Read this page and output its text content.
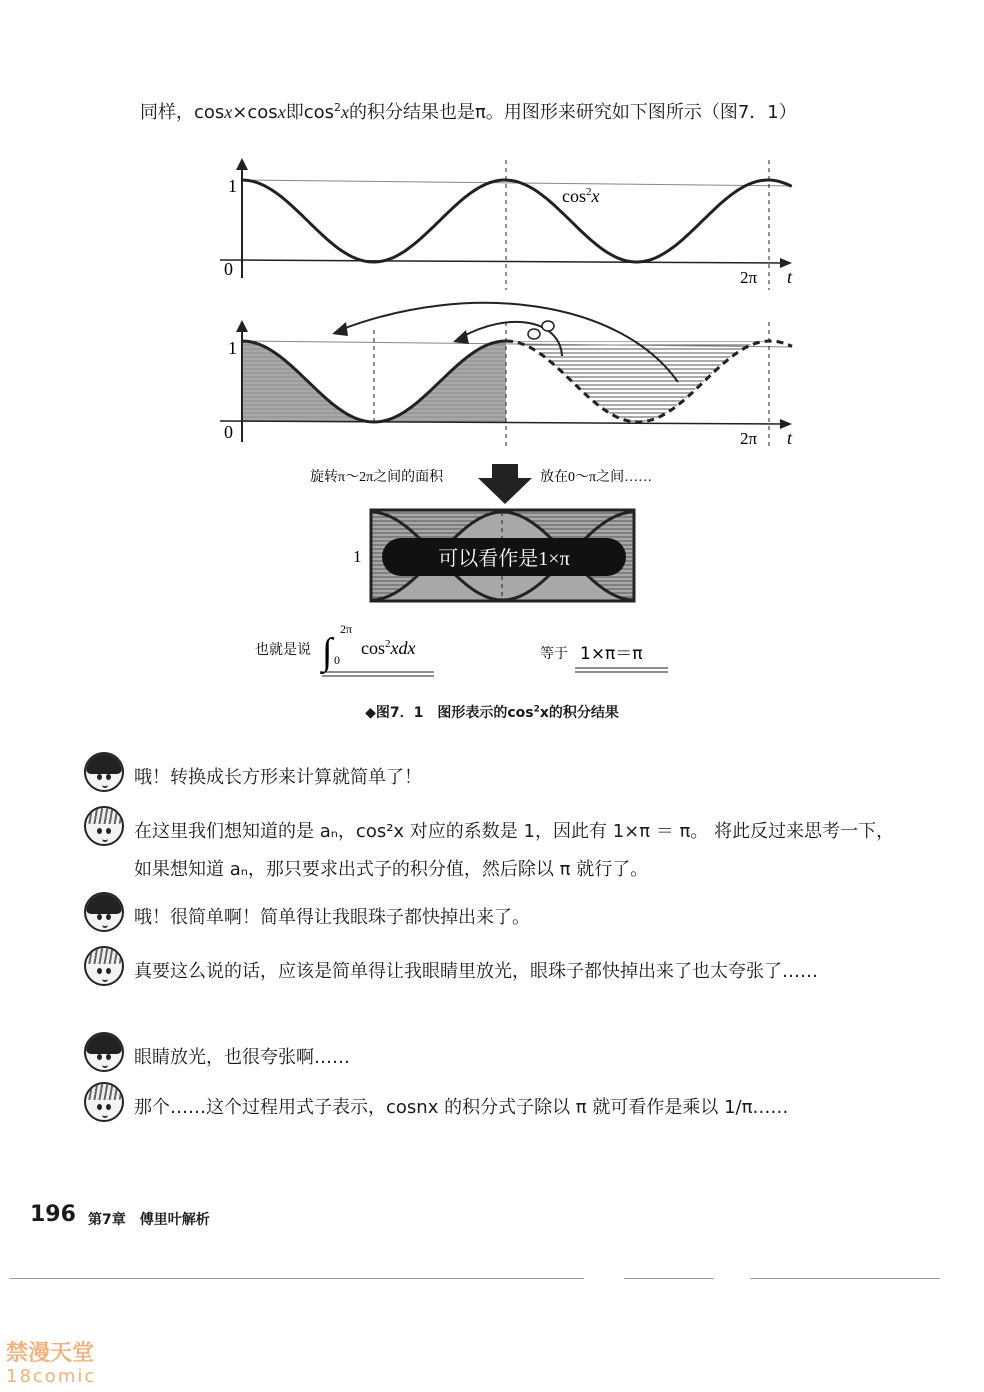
同样，cosx×cosx即$\cos^2x$的积分结果也是π。用图形来研究如下图所示（图7．1）
1
0
$\cos^2x$
2π t
1
0	2π t
旋转π～2π之间的面积	放在0～π之间……
可以看作是1×π
1
也就是说 ∫
2π
0
$\cos^2xdx$	等于 1×π＝π
◆图7．1　图形表示的$\cos^2x$的积分结果
哦！转换成长方形来计算就简单了！
在这里我们想知道的是 aₙ，cos²x 对应的系数是 1，因此有 1×π ＝ π。 将此反过来思考一下，如果想知道 aₙ，那只要求出式子的积分值，然后除以 π 就行了。
哦！很简单啊！简单得让我眼珠子都快掉出来了。
真要这么说的话，应该是简单得让我眼睛里放光，眼珠子都快掉出来了也太夸张了……
眼睛放光，也很夸张啊……
那个……这个过程用式子表示，cosnx 的积分式子除以 π 就可看作是乘以 1/π……
196 第7章　傅里叶解析
禁漫天堂
18comic
